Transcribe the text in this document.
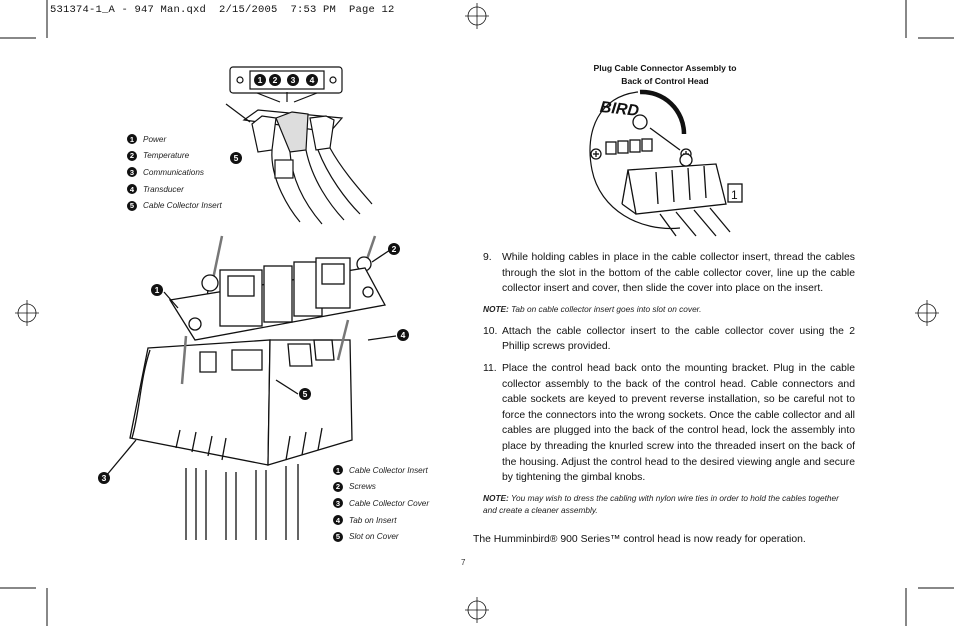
531374-1_A - 947 Man.qxd  2/15/2005  7:53 PM  Page 12
BIRD
1
1	2	3	4
5
1	Power
2	Temperature
3	Communications
4	Transducer
5	Cable Collector Insert
1
2
3
4
5
1	Cable Collector Insert
2	Screws
3	Cable Collector Cover
4	Tab on Insert
5	Slot on Cover
Plug Cable Connector Assembly to
Back of Control Head
9. While holding cables in place in the cable collector insert, thread the cables through the slot in the bottom of the cable collector cover, line up the cable collector insert and cover, then slide the cover into place on the insert.
NOTE: Tab on cable collector insert goes into slot on cover.
10. Attach the cable collector insert to the cable collector cover using the 2 Phillip screws provided.
11. Place the control head back onto the mounting bracket. Plug in the cable collector assembly to the back of the control head. Cable connectors and cable sockets are keyed to prevent reverse installation, so be careful not to force the connectors into the wrong sockets. Once the cable collector and all cables are plugged into the back of the control head, lock the assembly into place by threading the knurled screw into the threaded insert on the back of the housing. Adjust the control head to the desired viewing angle and secure by tightening the gimbal knobs.
NOTE: You may wish to dress the cabling with nylon wire ties in order to hold the cables together and create a cleaner assembly.
The Humminbird® 900 Series™ control head is now ready for operation.
7
